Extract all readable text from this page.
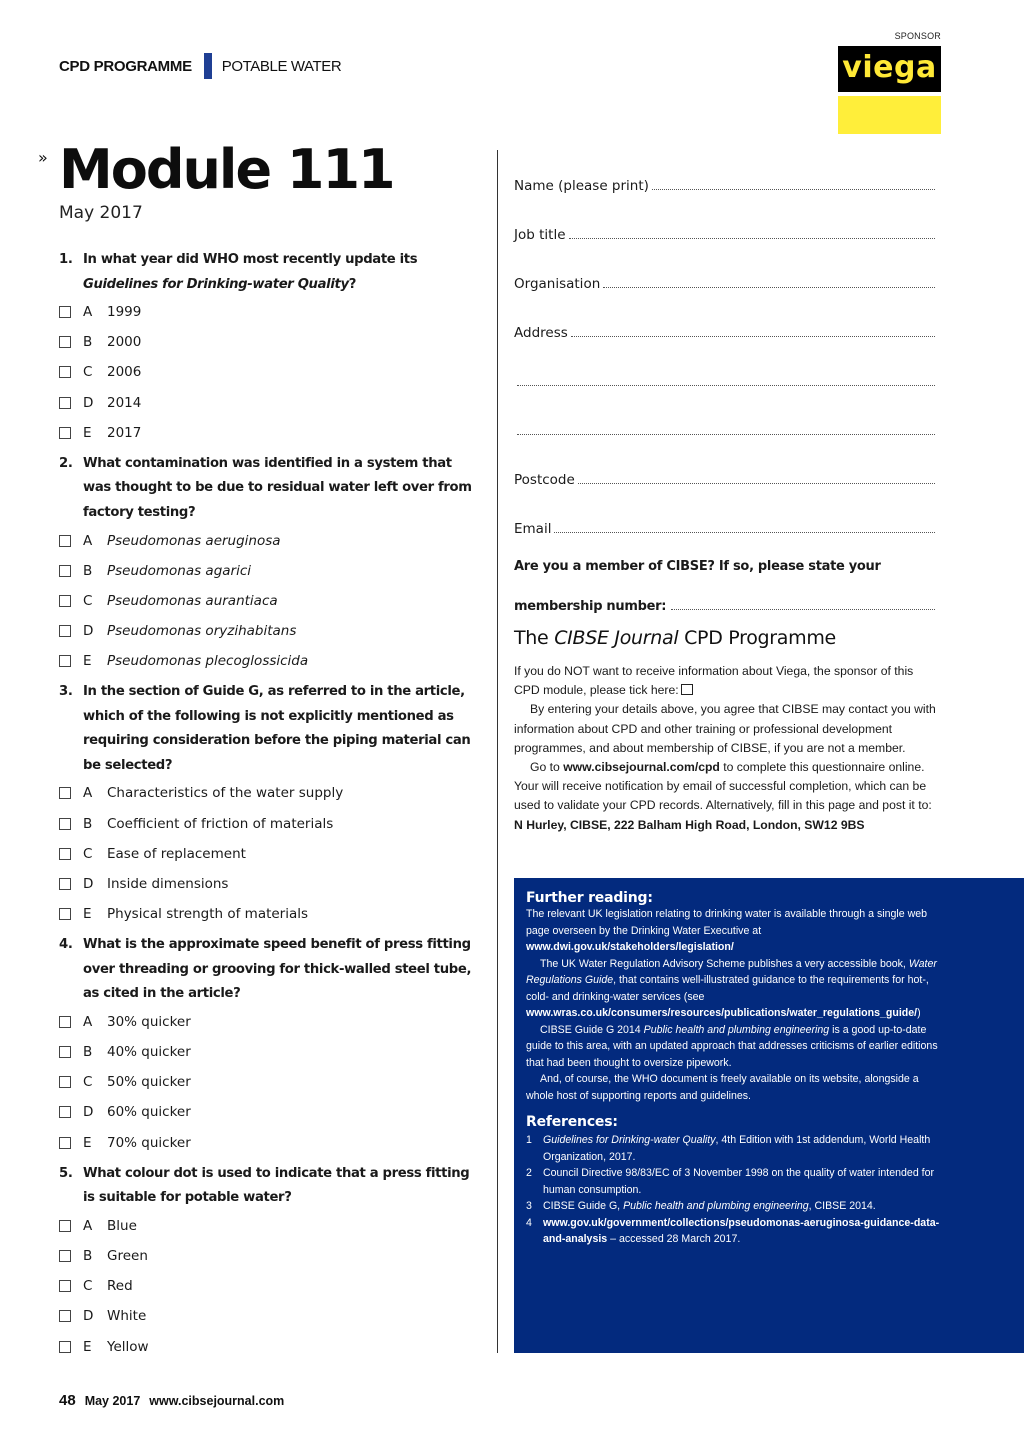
CPD PROGRAMME POTABLE WATER
SPONSOR
viega
» Module 111
May 2017
1. In what year did WHO most recently update its Guidelines for Drinking-water Quality?
A	1999
B	2000
C	2006
D	2014
E	2017
2. What contamination was identified in a system that was thought to be due to residual water left over from factory testing?
A	Pseudomonas aeruginosa
B	Pseudomonas agarici
C	Pseudomonas aurantiaca
D	Pseudomonas oryzihabitans
E	Pseudomonas plecoglossicida
3. In the section of Guide G, as referred to in the article, which of the following is not explicitly mentioned as requiring consideration before the piping material can be selected?
A	Characteristics of the water supply
B	Coefficient of friction of materials
C	Ease of replacement
D	Inside dimensions
E	Physical strength of materials
4. What is the approximate speed benefit of press fitting over threading or grooving for thick-walled steel tube, as cited in the article?
A	30% quicker
B	40% quicker
C	50% quicker
D	60% quicker
E	70% quicker
5. What colour dot is used to indicate that a press fitting is suitable for potable water?
A	Blue
B	Green
C	Red
D	White
E	Yellow
Name (please print)
Job title
Organisation
Address
Postcode
Email
Are you a member of CIBSE? If so, please state your
membership number:
The CIBSE Journal CPD Programme

If you do NOT want to receive information about Viega, the sponsor of this CPD module, please tick here:

By entering your details above, you agree that CIBSE may contact you with information about CPD and other training or professional development programmes, and about membership of CIBSE, if you are not a member.

Go to www.cibsejournal.com/cpd to complete this questionnaire online. Your will receive notification by email of successful completion, which can be used to validate your CPD records. Alternatively, fill in this page and post it to: N Hurley, CIBSE, 222 Balham High Road, London, SW12 9BS

Further reading:

The relevant UK legislation relating to drinking water is available through a single web page overseen by the Drinking Water Executive at www.dwi.gov.uk/stakeholders/legislation/

The UK Water Regulation Advisory Scheme publishes a very accessible book, Water Regulations Guide, that contains well-illustrated guidance to the requirements for hot-, cold- and drinking-water services (see www.wras.co.uk/consumers/resources/publications/water_regulations_guide/)

CIBSE Guide G 2014 Public health and plumbing engineering is a good up-to-date guide to this area, with an updated approach that addresses criticisms of earlier editions that had been thought to oversize pipework.

And, of course, the WHO document is freely available on its website, alongside a whole host of supporting reports and guidelines.

References:
1	Guidelines for Drinking-water Quality, 4th Edition with 1st addendum, World Health Organization, 2017.
2	Council Directive 98/83/EC of 3 November 1998 on the quality of water intended for human consumption.
3	CIBSE Guide G, Public health and plumbing engineering, CIBSE 2014.
4	www.gov.uk/government/collections/pseudomonas-aeruginosa-guidance-data-and-analysis – accessed 28 March 2017.
48 May 2017 www.cibsejournal.com
